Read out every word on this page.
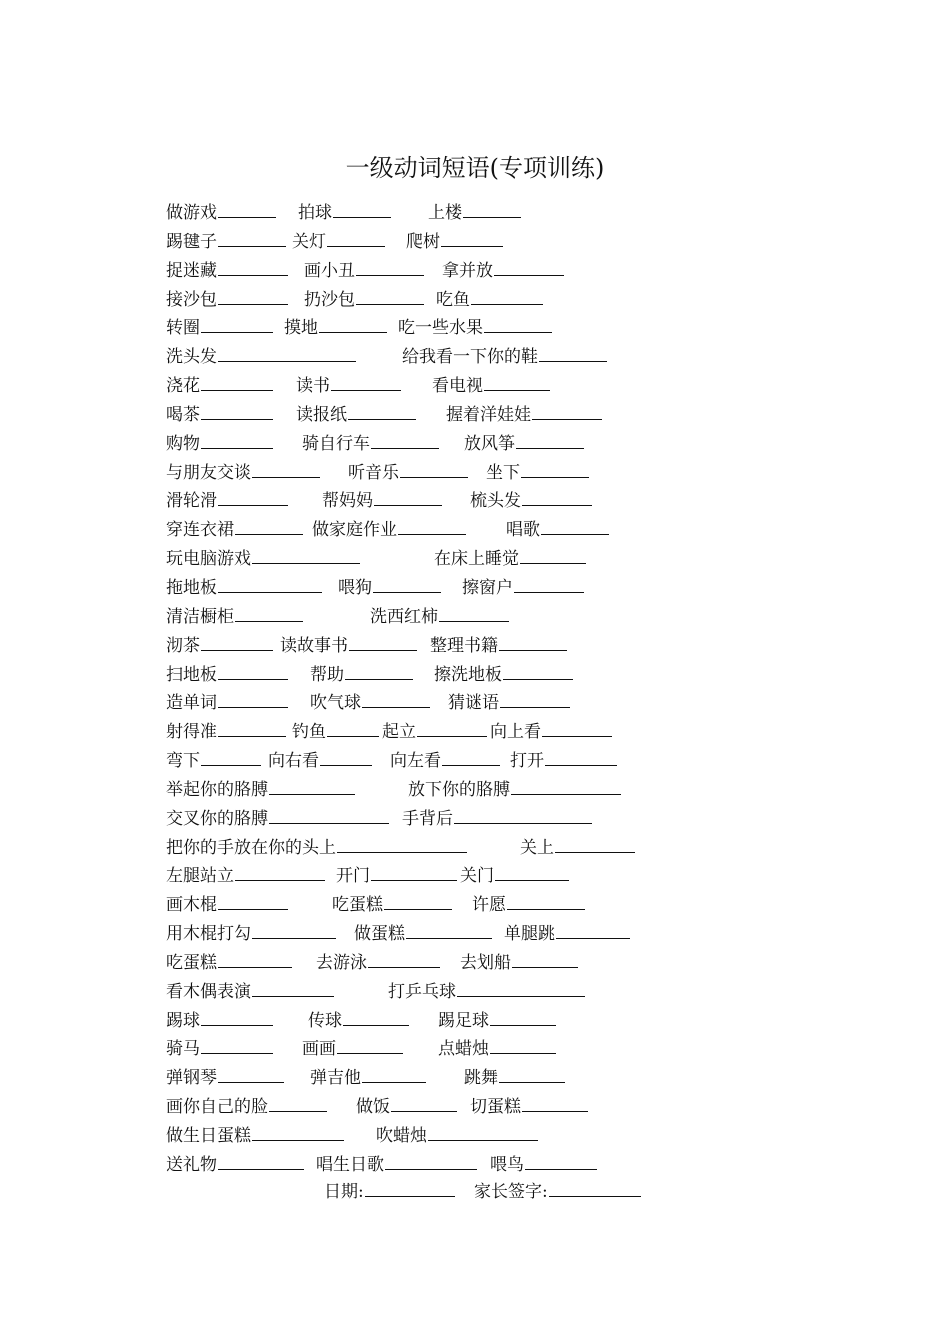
一级动词短语(专项训练)
做游戏	拍球	上楼
踢毽子	关灯	爬树
捉迷藏	画小丑	拿并放
接沙包	扔沙包	吃鱼
转圈	摸地	吃一些水果
洗头发	给我看一下你的鞋
浇花	读书	看电视
喝茶	读报纸	握着洋娃娃
购物	骑自行车	放风筝
与朋友交谈	听音乐	坐下
滑轮滑	帮妈妈	梳头发
穿连衣裙	做家庭作业	唱歌
玩电脑游戏	在床上睡觉
拖地板	喂狗	擦窗户
清洁橱柜	洗西红柿
沏茶	读故事书	整理书籍
扫地板	帮助	擦洗地板
造单词	吹气球	猜谜语
射得准	钓鱼	起立	向上看
弯下	向右看	向左看	打开
举起你的胳膊	放下你的胳膊
交叉你的胳膊	手背后
把你的手放在你的头上	关上
左腿站立	开门	关门
画木棍	吃蛋糕	许愿
用木棍打勾	做蛋糕	单腿跳
吃蛋糕	去游泳	去划船
看木偶表演	打乒乓球
踢球	传球	踢足球
骑马	画画	点蜡烛
弹钢琴	弹吉他	跳舞
画你自己的脸	做饭	切蛋糕
做生日蛋糕	吹蜡烛
送礼物	唱生日歌	喂鸟
日期:	家长签字:
